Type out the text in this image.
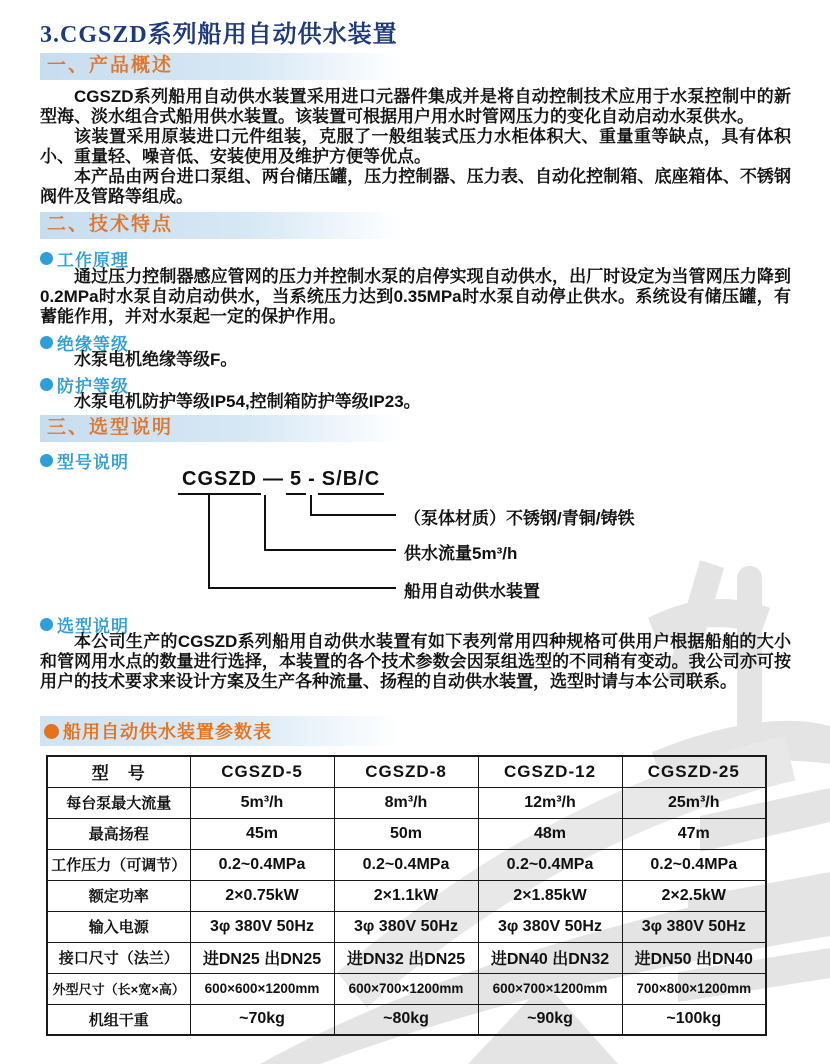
3.CGSZD系列船用自动供水装置
一、产品概述

CGSZD系列船用自动供水装置采用进口元器件集成并是将自动控制技术应用于水泵控制中的新型海、淡水组合式船用供水装置。该装置可根据用户用水时管网压力的变化自动启动水泵供水。

该装置采用原装进口元件组装，克服了一般组装式压力水柜体积大、重量重等缺点，具有体积小、重量轻、噪音低、安装使用及维护方便等优点。

本产品由两台进口泵组、两台储压罐，压力控制器、压力表、自动化控制箱、底座箱体、不锈钢阀件及管路等组成。

二、技术特点
工作原理

通过压力控制器感应管网的压力并控制水泵的启停实现自动供水，出厂时设定为当管网压力降到0.2MPa时水泵自动启动供水，当系统压力达到0.35MPa时水泵自动停止供水。系统设有储压罐，有蓄能作用，并对水泵起一定的保护作用。

绝缘等级

水泵电机绝缘等级F。

防护等级

水泵电机防护等级IP54,控制箱防护等级IP23。

三、选型说明
型号说明
CGSZD — 5 - S/B/C
（泵体材质）不锈钢/青铜/铸铁
供水流量5m³/h
船用自动供水装置
选型说明

本公司生产的CGSZD系列船用自动供水装置有如下表列常用四种规格可供用户根据船舶的大小和管网用水点的数量进行选择，本装置的各个技术参数会因泵组选型的不同稍有变动。我公司亦可按用户的技术要求来设计方案及生产各种流量、扬程的自动供水装置，选型时请与本公司联系。

船用自动供水装置参数表
型　号	CGSZD-5	CGSZD-8	CGSZD-12	CGSZD-25
每台泵最大流量	5m³/h	8m³/h	12m³/h	25m³/h
最高扬程	45m	50m	48m	47m
工作压力（可调节）	0.2~0.4MPa	0.2~0.4MPa	0.2~0.4MPa	0.2~0.4MPa
额定功率	2×0.75kW	2×1.1kW	2×1.85kW	2×2.5kW
输入电源	3φ 380V 50Hz	3φ 380V 50Hz	3φ 380V 50Hz	3φ 380V 50Hz
接口尺寸（法兰）	进DN25 出DN25	进DN32 出DN25	进DN40 出DN32	进DN50 出DN40
外型尺寸（长×宽×高）	600×600×1200mm	600×700×1200mm	600×700×1200mm	700×800×1200mm
机组干重	~70kg	~80kg	~90kg	~100kg
